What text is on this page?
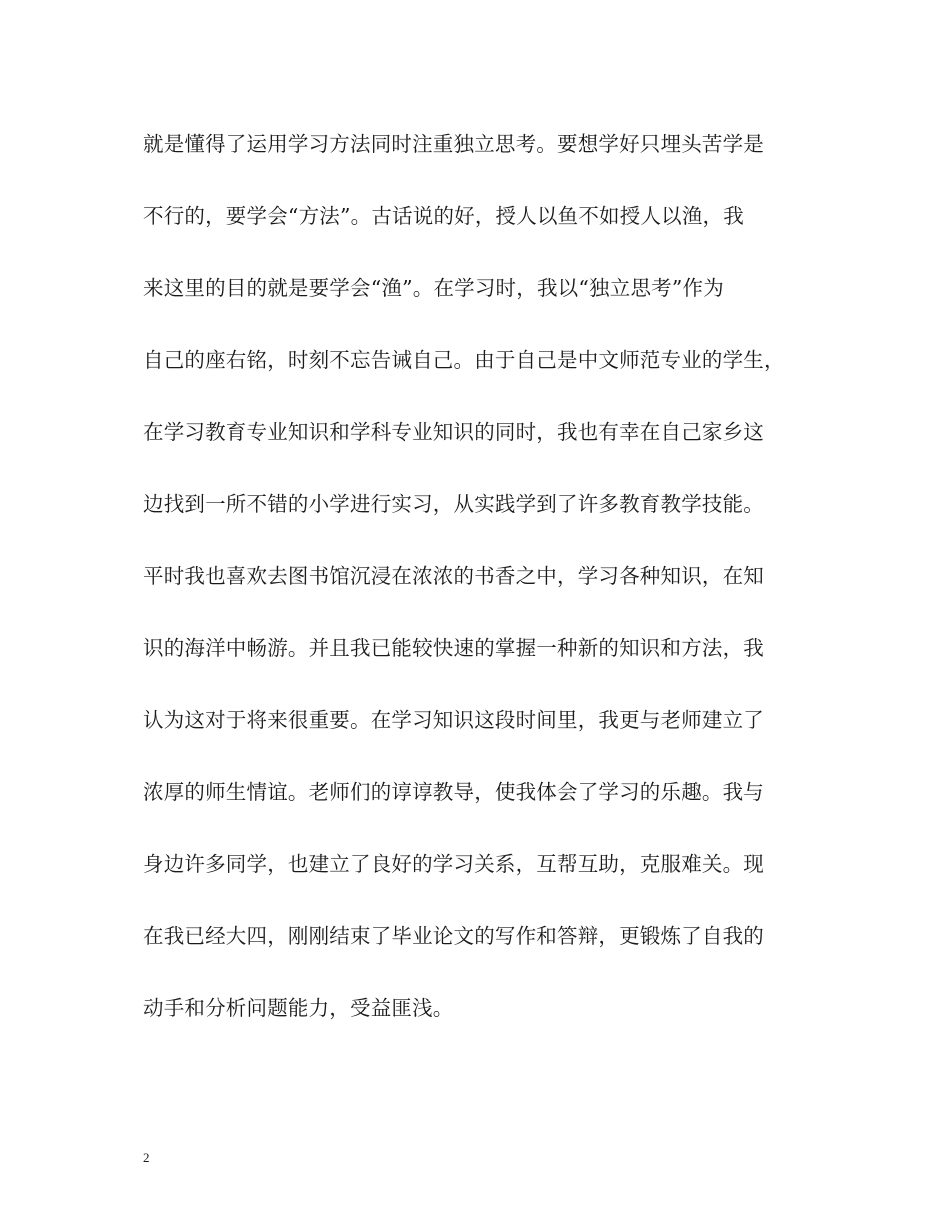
就是懂得了运用学习方法同时注重独立思考。要想学好只埋头苦学是
不行的，要学会“方法”。古话说的好，授人以鱼不如授人以渔，我
来这里的目的就是要学会“渔”。在学习时，我以“独立思考”作为
自己的座右铭，时刻不忘告诫自己。由于自己是中文师范专业的学生，
在学习教育专业知识和学科专业知识的同时，我也有幸在自己家乡这
边找到一所不错的小学进行实习，从实践学到了许多教育教学技能。
平时我也喜欢去图书馆沉浸在浓浓的书香之中，学习各种知识，在知
识的海洋中畅游。并且我已能较快速的掌握一种新的知识和方法，我
认为这对于将来很重要。在学习知识这段时间里，我更与老师建立了
浓厚的师生情谊。老师们的谆谆教导，使我体会了学习的乐趣。我与
身边许多同学，也建立了良好的学习关系，互帮互助，克服难关。现
在我已经大四，刚刚结束了毕业论文的写作和答辩，更锻炼了自我的
动手和分析问题能力，受益匪浅。
2
